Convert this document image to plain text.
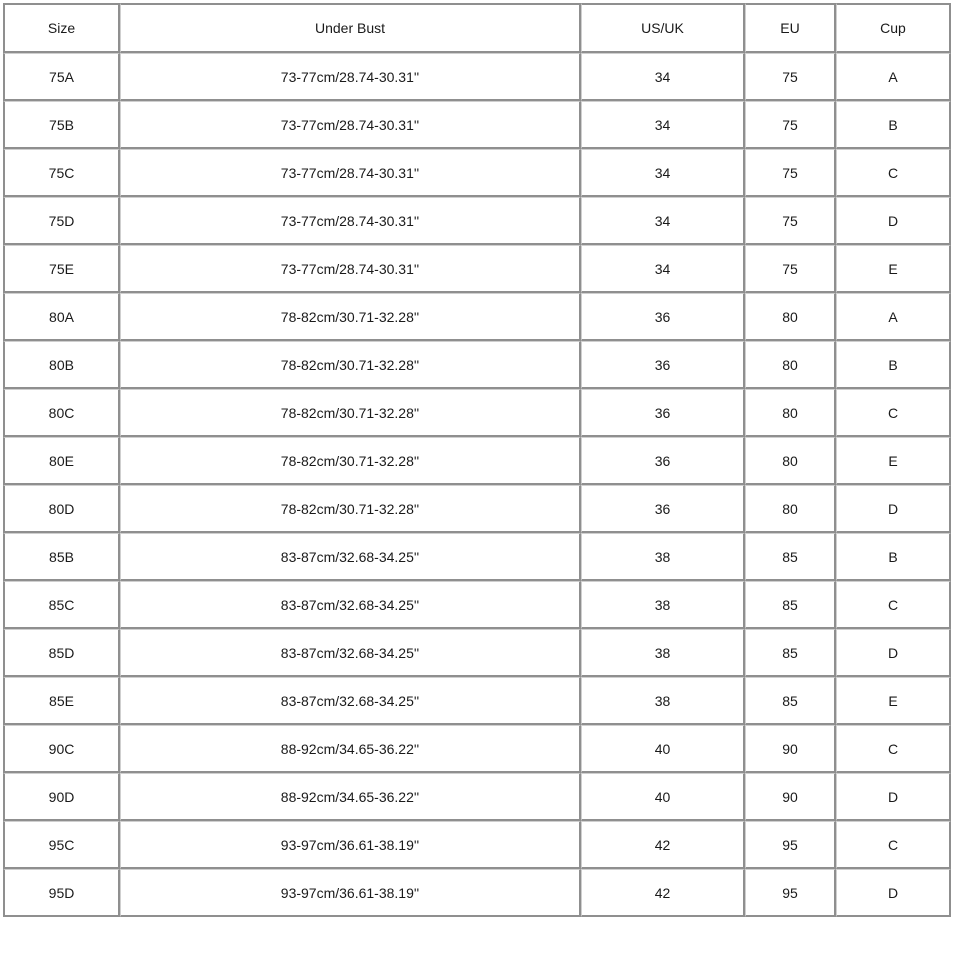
Size	Under Bust	US/UK	EU	Cup
75A	73-77cm/28.74-30.31''	34	75	A
75B	73-77cm/28.74-30.31''	34	75	B
75C	73-77cm/28.74-30.31''	34	75	C
75D	73-77cm/28.74-30.31''	34	75	D
75E	73-77cm/28.74-30.31''	34	75	E
80A	78-82cm/30.71-32.28''	36	80	A
80B	78-82cm/30.71-32.28''	36	80	B
80C	78-82cm/30.71-32.28''	36	80	C
80E	78-82cm/30.71-32.28''	36	80	E
80D	78-82cm/30.71-32.28''	36	80	D
85B	83-87cm/32.68-34.25''	38	85	B
85C	83-87cm/32.68-34.25''	38	85	C
85D	83-87cm/32.68-34.25''	38	85	D
85E	83-87cm/32.68-34.25''	38	85	E
90C	88-92cm/34.65-36.22''	40	90	C
90D	88-92cm/34.65-36.22''	40	90	D
95C	93-97cm/36.61-38.19''	42	95	C
95D	93-97cm/36.61-38.19''	42	95	D
